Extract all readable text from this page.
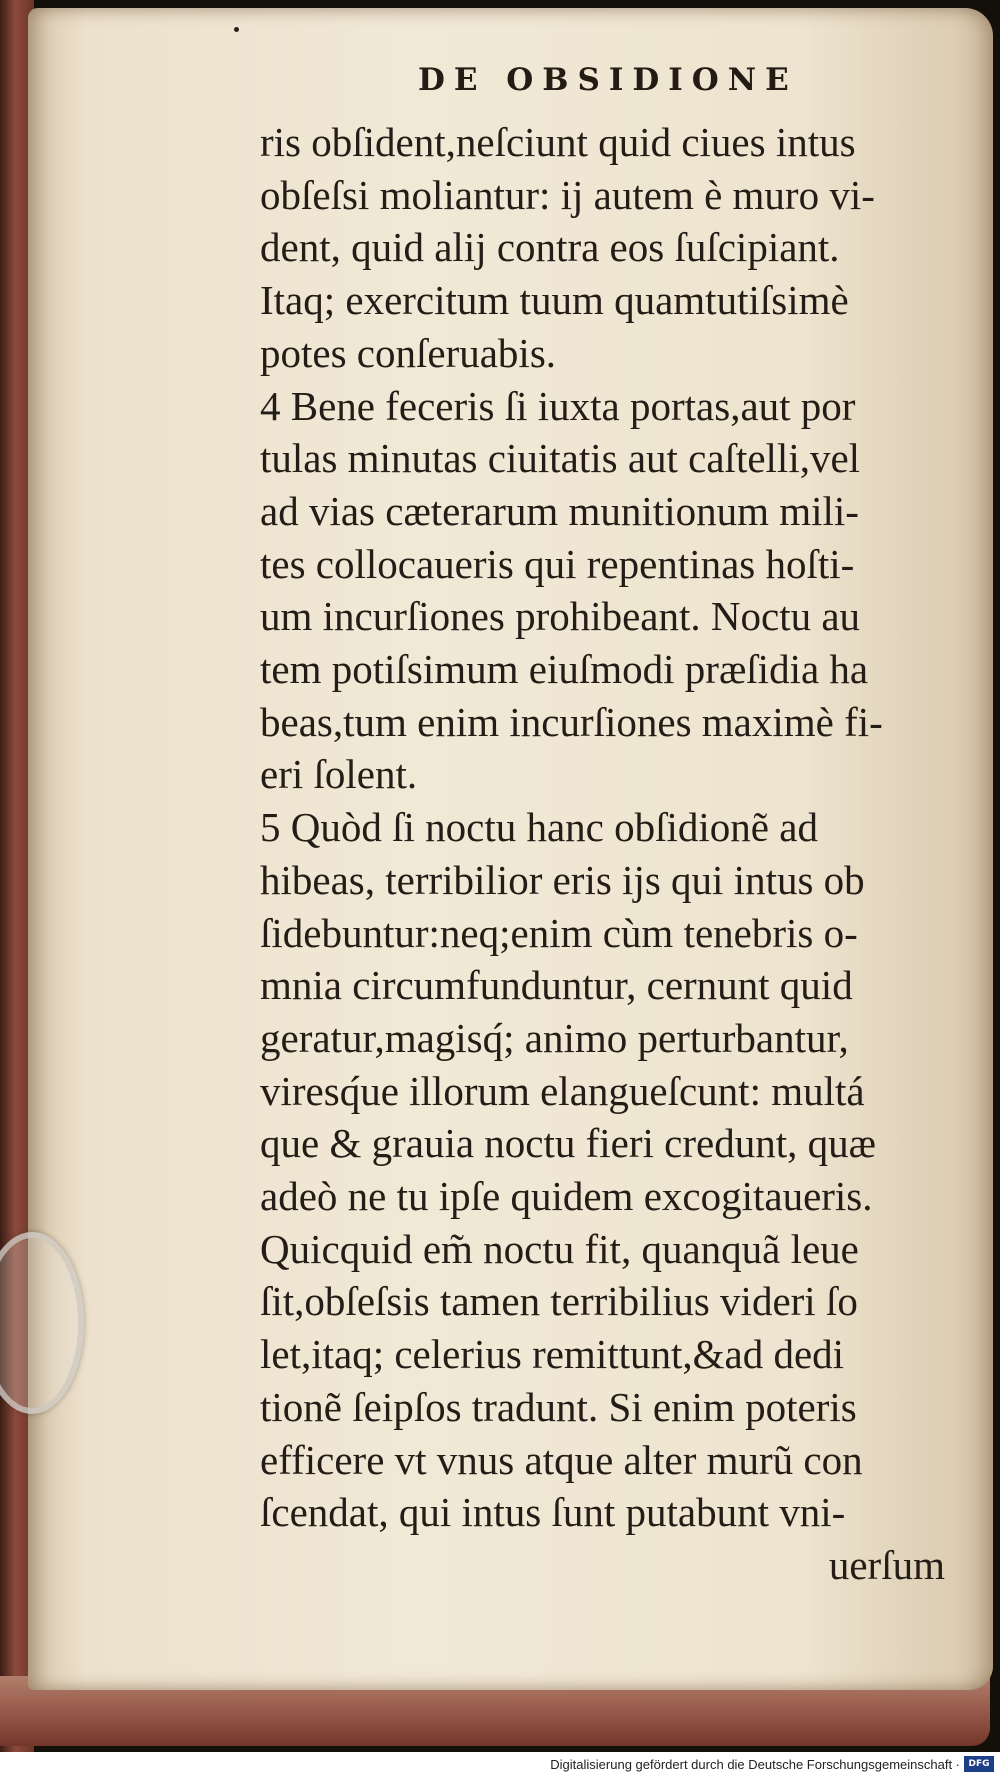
DE OBSIDIONE
ris obſident,neſciunt quid ciues intus
obſeſsi moliantur: ij autem è muro vi-
dent, quid alij contra eos ſuſcipiant.
Itaq; exercitum tuum quamtutiſsimè
potes conſeruabis.
4 Bene feceris ſi iuxta portas,aut por
tulas minutas ciuitatis aut caſtelli,vel
ad vias cæterarum munitionum mili-
tes collocaueris qui repentinas hoſti-
um incurſiones prohibeant. Noctu au
tem potiſsimum eiuſmodi præſidia ha
beas,tum enim incurſiones maximè fi-
eri ſolent.
5 Quòd ſi noctu hanc obſidionẽ ad
hibeas, terribilior eris ijs qui intus ob
ſidebuntur:neq;enim cùm tenebris o-
mnia circumfunduntur, cernunt quid
geratur,magisq́; animo perturbantur,
viresq́ue illorum elangueſcunt: multá
que & grauia noctu fieri credunt, quæ
adeò ne tu ipſe quidem excogitaueris.
Quicquid em̃ noctu fit, quanquã leue
ſit,obſeſsis tamen terribilius videri ſo
let,itaq; celerius remittunt,&ad dedi
tionẽ ſeipſos tradunt. Si enim poteris
efficere vt vnus atque alter murũ con
ſcendat, qui intus ſunt putabunt vni-
uerſum

Digitalisierung gefördert durch die Deutsche Forschungsgemeinschaft · DFG
